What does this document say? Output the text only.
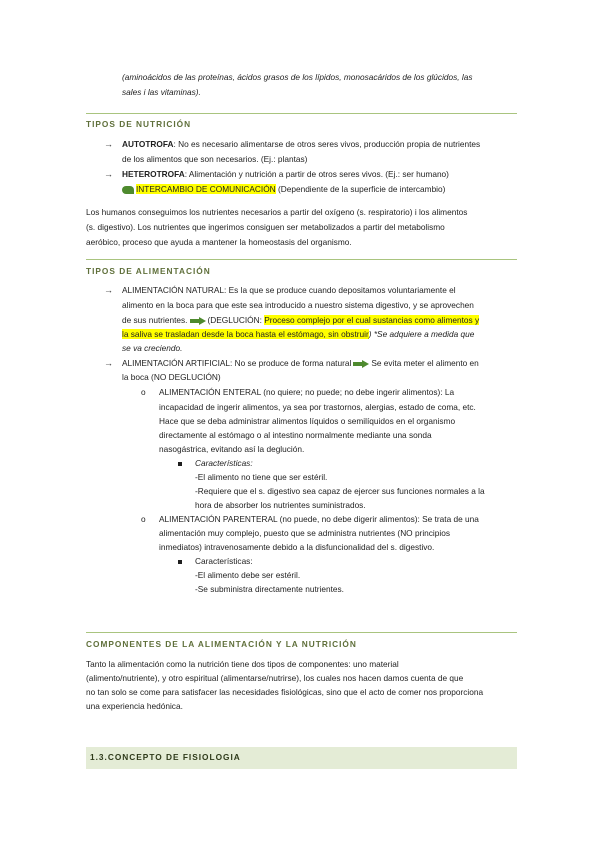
(aminoácidos de las proteínas, ácidos grasos de los lípidos, monosacáridos de los glúcidos, las

sales i las vitaminas).

TIPOS DE NUTRICIÓN
→	AUTOTROFA: No es necesario alimentarse de otros seres vivos, producción propia de nutrientes

de los alimentos que son necesarios. (Ej.: plantas)

→	HETEROTROFA: Alimentación y nutrición a partir de otros seres vivos. (Ej.: ser humano)

INTERCAMBIO DE COMUNICACIÓN (Dependiente de la superficie de intercambio)

Los humanos conseguimos los nutrientes necesarios a partir del oxígeno (s. respiratorio) i los alimentos

(s. digestivo). Los nutrientes que ingerimos consiguen ser metabolizados a partir del metabolismo

aeróbico, proceso que ayuda a mantener la homeostasis del organismo.

TIPOS DE ALIMENTACIÓN
→	ALIMENTACIÓN NATURAL: Es la que se produce cuando depositamos voluntariamente el

alimento en la boca para que este sea introducido a nuestro sistema digestivo, y se aprovechen

de sus nutrientes. (DEGLUCIÓN: Proceso complejo por el cual sustancias como alimentos y

la saliva se trasladan desde la boca hasta el estómago, sin obstruir) *Se adquiere a medida que

se va creciendo.

→	ALIMENTACIÓN ARTIFICIAL: No se produce de forma natural Se evita meter el alimento en

la boca (NO DEGLUCIÓN)

o ALIMENTACIÓN ENTERAL (no quiere; no puede; no debe ingerir alimentos): La

incapacidad de ingerir alimentos, ya sea por trastornos, alergias, estado de coma, etc.

Hace que se deba administrar alimentos líquidos o semilíquidos en el organismo

directamente al estómago o al intestino normalmente mediante una sonda

nasogástrica, evitando así la deglución.

Características:

-El alimento no tiene que ser estéril.

-Requiere que el s. digestivo sea capaz de ejercer sus funciones normales a la

hora de absorber los nutrientes suministrados.

o ALIMENTACIÓN PARENTERAL (no puede, no debe digerir alimentos): Se trata de una

alimentación muy complejo, puesto que se administra nutrientes (NO principios

inmediatos) intravenosamente debido a la disfuncionalidad del s. digestivo.

Características:

-El alimento debe ser estéril.

-Se subministra directamente nutrientes.

COMPONENTES DE LA ALIMENTACIÓN Y LA NUTRICIÓN

Tanto la alimentación como la nutrición tiene dos tipos de componentes: uno material

(alimento/nutriente), y otro espiritual (alimentarse/nutrirse), los cuales nos hacen damos cuenta de que

no tan solo se come para satisfacer las necesidades fisiológicas, sino que el acto de comer nos proporciona

una experiencia hedónica.

1.3.CONCEPTO DE FISIOLOGIA
